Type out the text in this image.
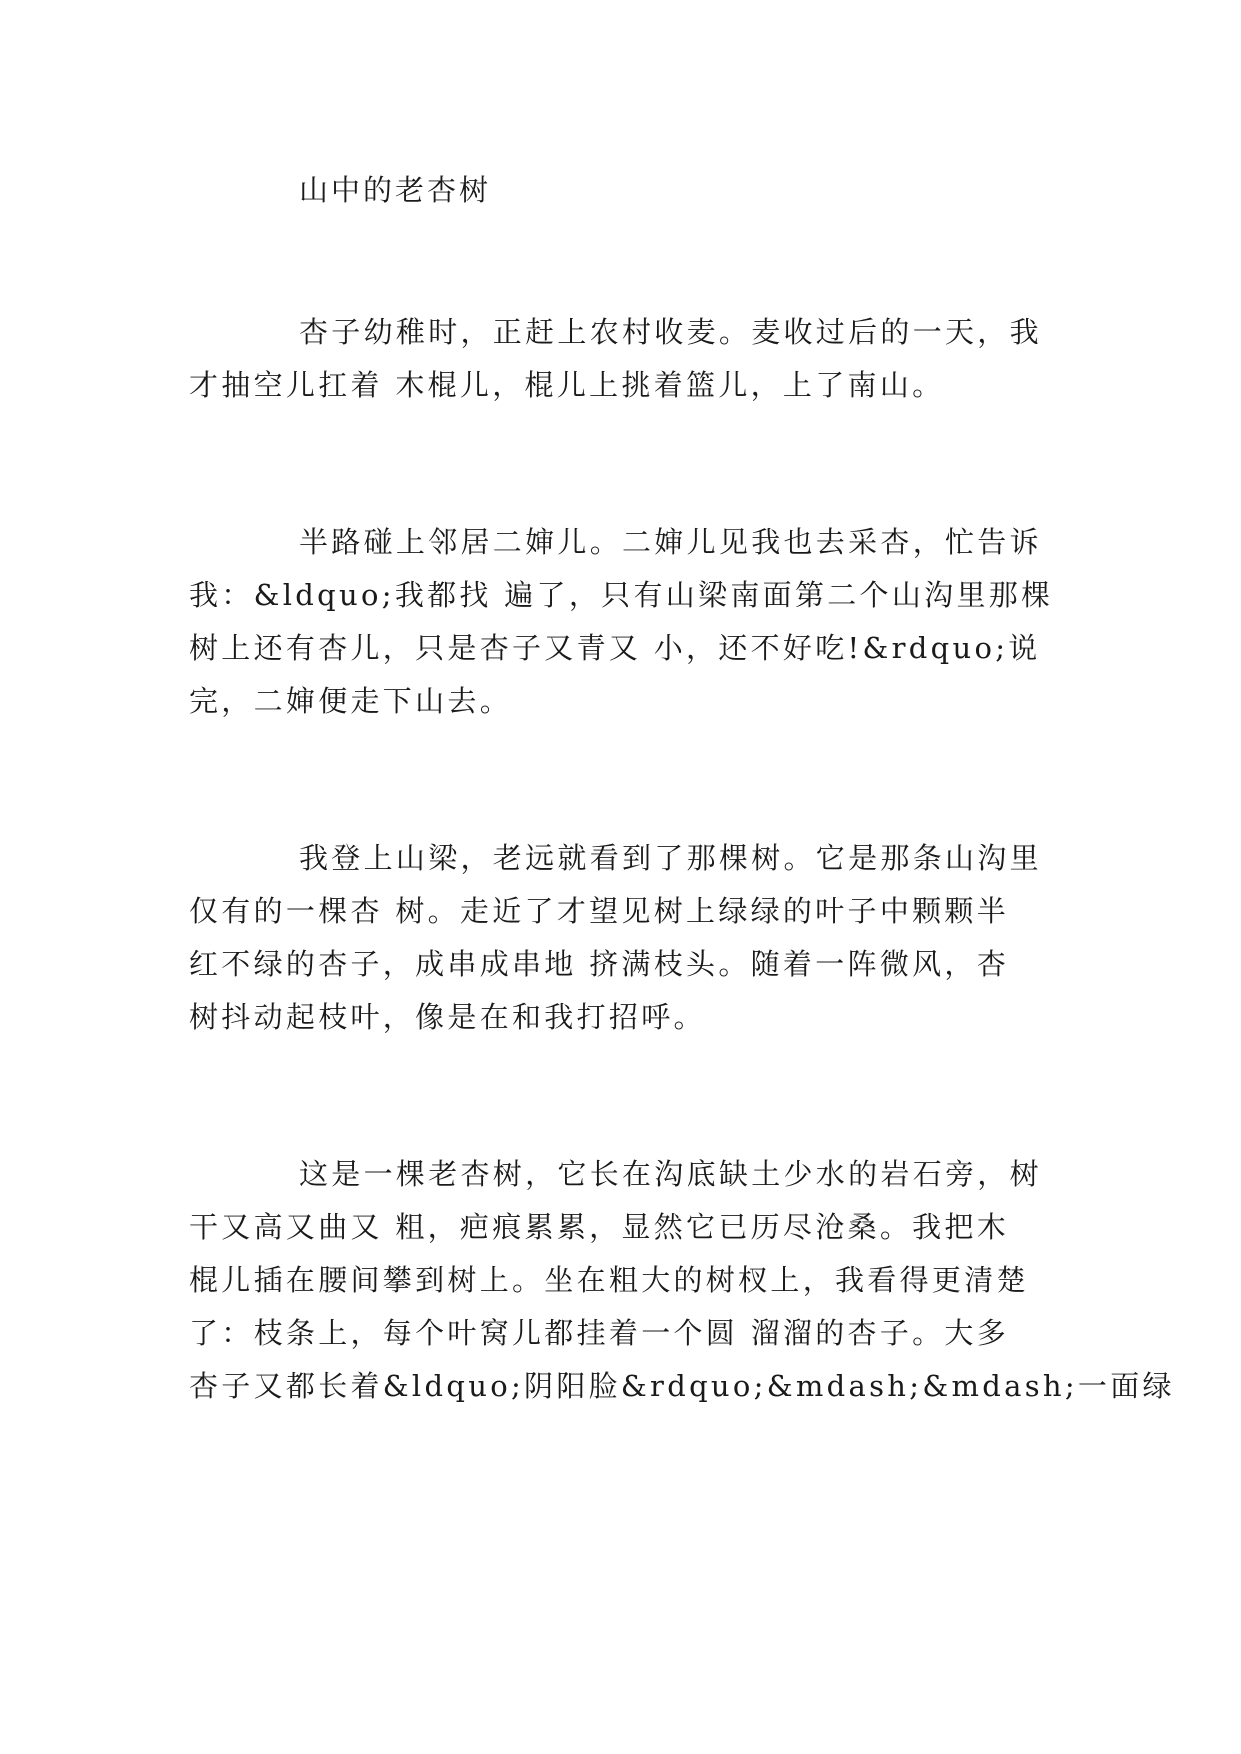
山中的老杏树

杏子幼稚时，正赶上农村收麦。麦收过后的一天，我

才抽空儿扛着 木棍儿，棍儿上挑着篮儿，上了南山。

半路碰上邻居二婶儿。二婶儿见我也去采杏，忙告诉

我：&ldquo;我都找 遍了，只有山梁南面第二个山沟里那棵

树上还有杏儿，只是杏子又青又 小，还不好吃!&rdquo;说

完，二婶便走下山去。

我登上山梁，老远就看到了那棵树。它是那条山沟里

仅有的一棵杏 树。走近了才望见树上绿绿的叶子中颗颗半

红不绿的杏子，成串成串地 挤满枝头。随着一阵微风，杏

树抖动起枝叶，像是在和我打招呼。

这是一棵老杏树，它长在沟底缺土少水的岩石旁，树

干又高又曲又 粗，疤痕累累，显然它已历尽沧桑。我把木

棍儿插在腰间攀到树上。坐在粗大的树杈上，我看得更清楚

了：枝条上，每个叶窝儿都挂着一个圆 溜溜的杏子。大多

杏子又都长着&ldquo;阴阳脸&rdquo;&mdash;&mdash;一面绿
